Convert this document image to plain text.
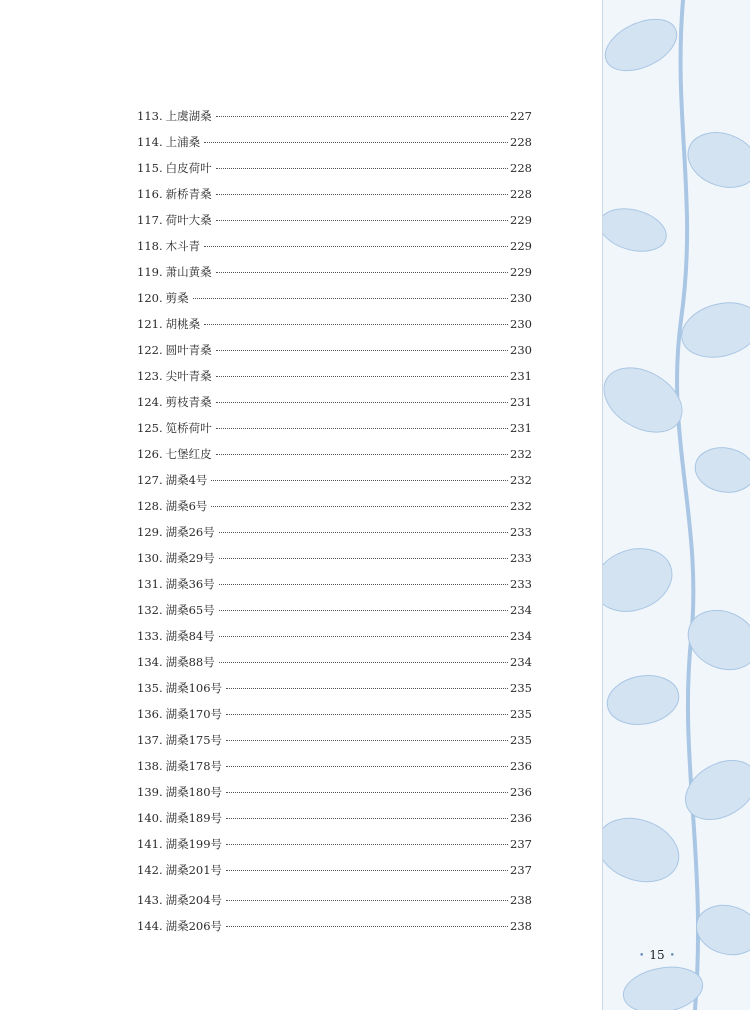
113. 上虞湖桑	227
114. 上浦桑	228
115. 白皮荷叶	228
116. 新桥青桑	228
117. 荷叶大桑	229
118. 木斗青	229
119. 萧山黄桑	229
120. 剪桑	230
121. 胡桃桑	230
122. 圆叶青桑	230
123. 尖叶青桑	231
124. 剪枝青桑	231
125. 笕桥荷叶	231
126. 七堡红皮	232
127. 湖桑4号	232
128. 湖桑6号	232
129. 湖桑26号	233
130. 湖桑29号	233
131. 湖桑36号	233
132. 湖桑65号	234
133. 湖桑84号	234
134. 湖桑88号	234
135. 湖桑106号	235
136. 湖桑170号	235
137. 湖桑175号	235
138. 湖桑178号	236
139. 湖桑180号	236
140. 湖桑189号	236
141. 湖桑199号	237
142. 湖桑201号	237
143. 湖桑204号	238
144. 湖桑206号	238
• 15 •
